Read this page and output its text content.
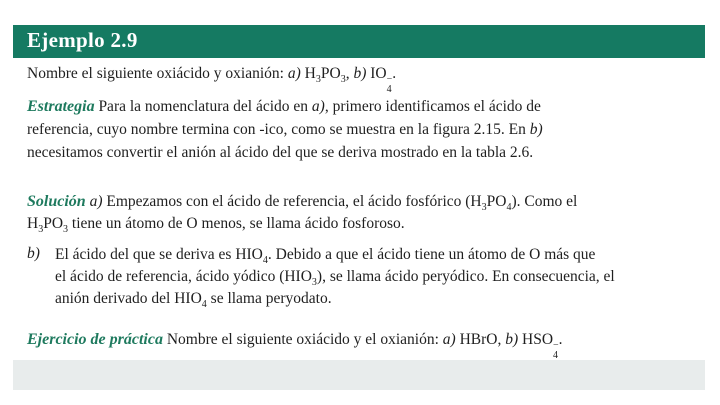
Ejemplo 2.9

Nombre el siguiente oxiácido y oxianión: a) $H_3PO_3$, b) IO −
4
.

Estrategia Para la nomenclatura del ácido en a), primero identificamos el ácido de

referencia, cuyo nombre termina con -ico, como se muestra en la figura 2.15. En b)

necesitamos convertir el anión al ácido del que se deriva mostrado en la tabla 2.6.

Solución a) Empezamos con el ácido de referencia, el ácido fosfórico $(H_3PO_4)$. Como el

$H_3PO_3$ tiene un átomo de O menos, se llama ácido fosforoso.

b) El ácido del que se deriva es $HIO_4$. Debido a que el ácido tiene un átomo de O más que

el ácido de referencia, ácido yódico $(HIO_3)$, se llama ácido peryódico. En consecuencia, el

anión derivado del $HIO_4$ se llama peryodato.

Ejercicio de práctica Nombre el siguiente oxiácido y el oxianión: a) HBrO, b) HSO −
4
.
